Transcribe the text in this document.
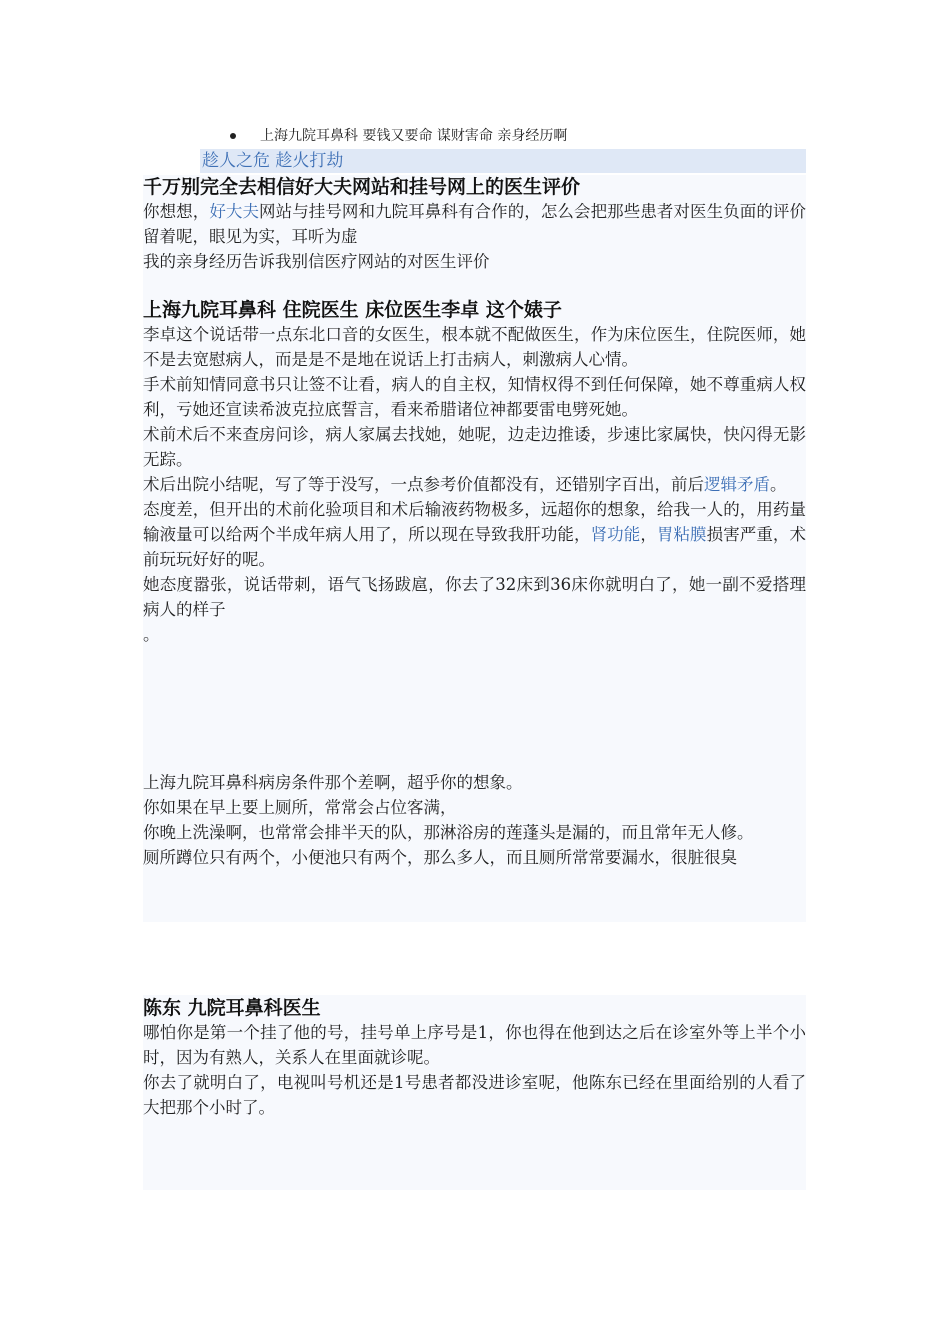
上海九院耳鼻科 要钱又要命 谋财害命 亲身经历啊
趁人之危 趁火打劫
千万别完全去相信好大夫网站和挂号网上的医生评价

你想想，好大夫网站与挂号网和九院耳鼻科有合作的，怎么会把那些患者对医生负面的评价留着呢，眼见为实，耳听为虚

我的亲身经历告诉我别信医疗网站的对医生评价

上海九院耳鼻科 住院医生 床位医生李卓 这个婊子

李卓这个说话带一点东北口音的女医生，根本就不配做医生，作为床位医生，住院医师，她不是去宽慰病人，而是是不是地在说话上打击病人，刺激病人心情。

手术前知情同意书只让签不让看，病人的自主权，知情权得不到任何保障，她不尊重病人权利，亏她还宣读希波克拉底誓言，看来希腊诸位神都要雷电劈死她。

术前术后不来查房问诊，病人家属去找她，她呢，边走边推诿，步速比家属快，快闪得无影无踪。

术后出院小结呢，写了等于没写，一点参考价值都没有，还错别字百出，前后逻辑矛盾。

态度差，但开出的术前化验项目和术后输液药物极多，远超你的想象，给我一人的，用药量输液量可以给两个半成年病人用了，所以现在导致我肝功能，肾功能，胃粘膜损害严重，术前玩玩好好的呢。

她态度嚣张，说话带刺，语气飞扬跋扈，你去了32床到36床你就明白了，她一副不爱搭理病人的样子

。

上海九院耳鼻科病房条件那个差啊，超乎你的想象。

你如果在早上要上厕所，常常会占位客满，

你晚上洗澡啊，也常常会排半天的队，那淋浴房的莲蓬头是漏的，而且常年无人修。

厕所蹲位只有两个，小便池只有两个，那么多人，而且厕所常常要漏水，很脏很臭

陈东 九院耳鼻科医生

哪怕你是第一个挂了他的号，挂号单上序号是1，你也得在他到达之后在诊室外等上半个小时，因为有熟人，关系人在里面就诊呢。

你去了就明白了，电视叫号机还是1号患者都没进诊室呢，他陈东已经在里面给别的人看了大把那个小时了。
